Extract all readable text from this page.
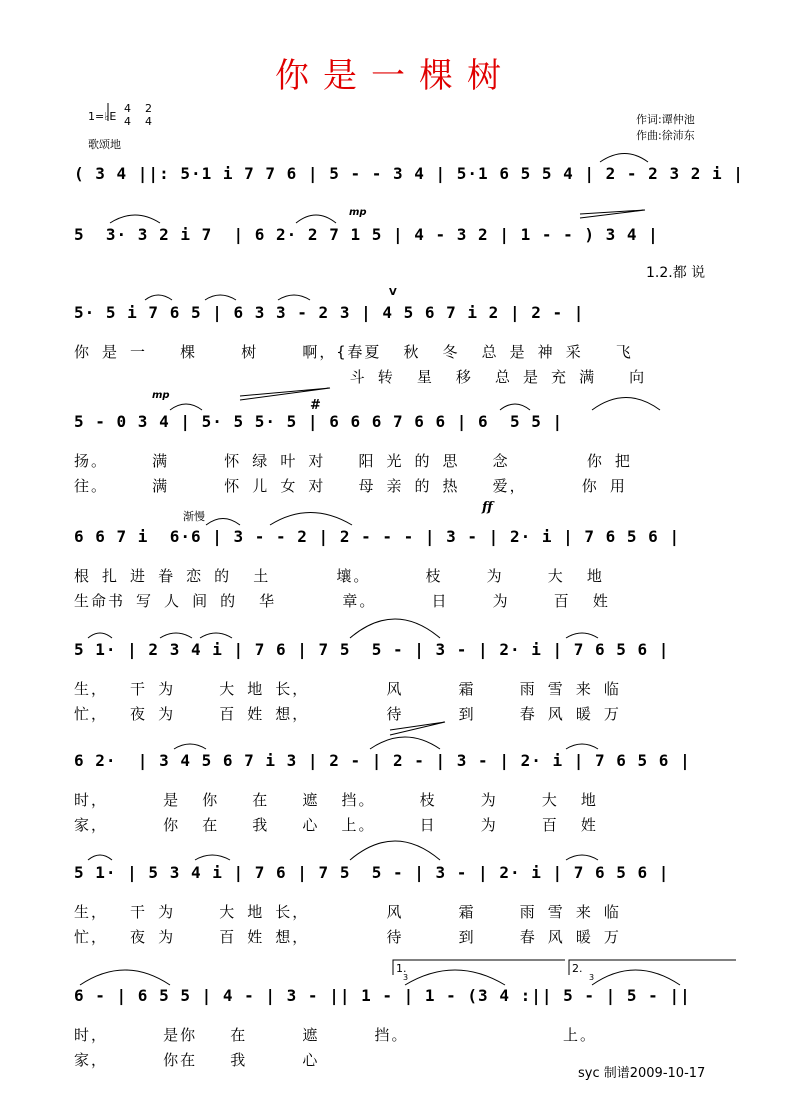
你是一棵树
1=♭E
4
4
2
4
歌颂地
作词:谭仲池
作曲:徐沛东
( 3 4 ||: 5·1 i 7 7 6 | 5 - - 3 4 | 5·1 6 5 5 4 | 2 - 2 3 2 i |
5  3· 3 2 i 7  | 6 2· 2 7 1 5 | 4 - 3 2 | 1 - - ) 3 4 |
mp
1.2.都 说
5· 5 i 7 6 5 | 6 3 3 - 2 3 | 4 5 6 7 i 2 | 2 - |
V
你 是 一   棵    树    啊，{春夏  秋  冬  总 是 神 采   飞
斗 转  星  移  总 是 充 满   向
5 - 0 3 4 | 5· 5 5· 5 | 6 6 6 7 6 6 | 6  5 5 |
mp
#
扬。    满     怀 绿 叶 对   阳 光 的 思   念       你 把
往。    满     怀 儿 女 对   母 亲 的 热   爱，     你 用
6 6 7 i  6·6 | 3 - - 2 | 2 - - - | 3 - | 2· i | 7 6 5 6 |
渐慢
ff
根 扎 进 眷 恋 的  土      壤。     枝    为    大  地
生命书 写 人 间 的  华      章。     日    为    百  姓
5 1· | 2 3 4 i | 7 6 | 7 5  5 - | 3 - | 2· i | 7 6 5 6 |
生，  干 为    大 地 长，       风     霜    雨 雪 来 临
忙，  夜 为    百 姓 想，       待     到    春 风 暖 万
6 2·  | 3 4 5 6 7 i 3 | 2 - | 2 - | 3 - | 2· i | 7 6 5 6 |
时，     是  你   在   遮  挡。    枝    为    大  地
家，     你  在   我   心  上。    日    为    百  姓
5 1· | 5 3 4 i | 7 6 | 7 5  5 - | 3 - | 2· i | 7 6 5 6 |
生，  干 为    大 地 长，       风     霜    雨 雪 来 临
忙，  夜 为    百 姓 想，       待     到    春 风 暖 万
6 - | 6 5 5 | 4 - | 3 - || 1 - | 1 - (3 4 :|| 5 - | 5 - ||
1.	2.
3	3
时，     是你   在     遮     挡。              上。
家，     你在   我     心
syc 制谱2009-10-17
